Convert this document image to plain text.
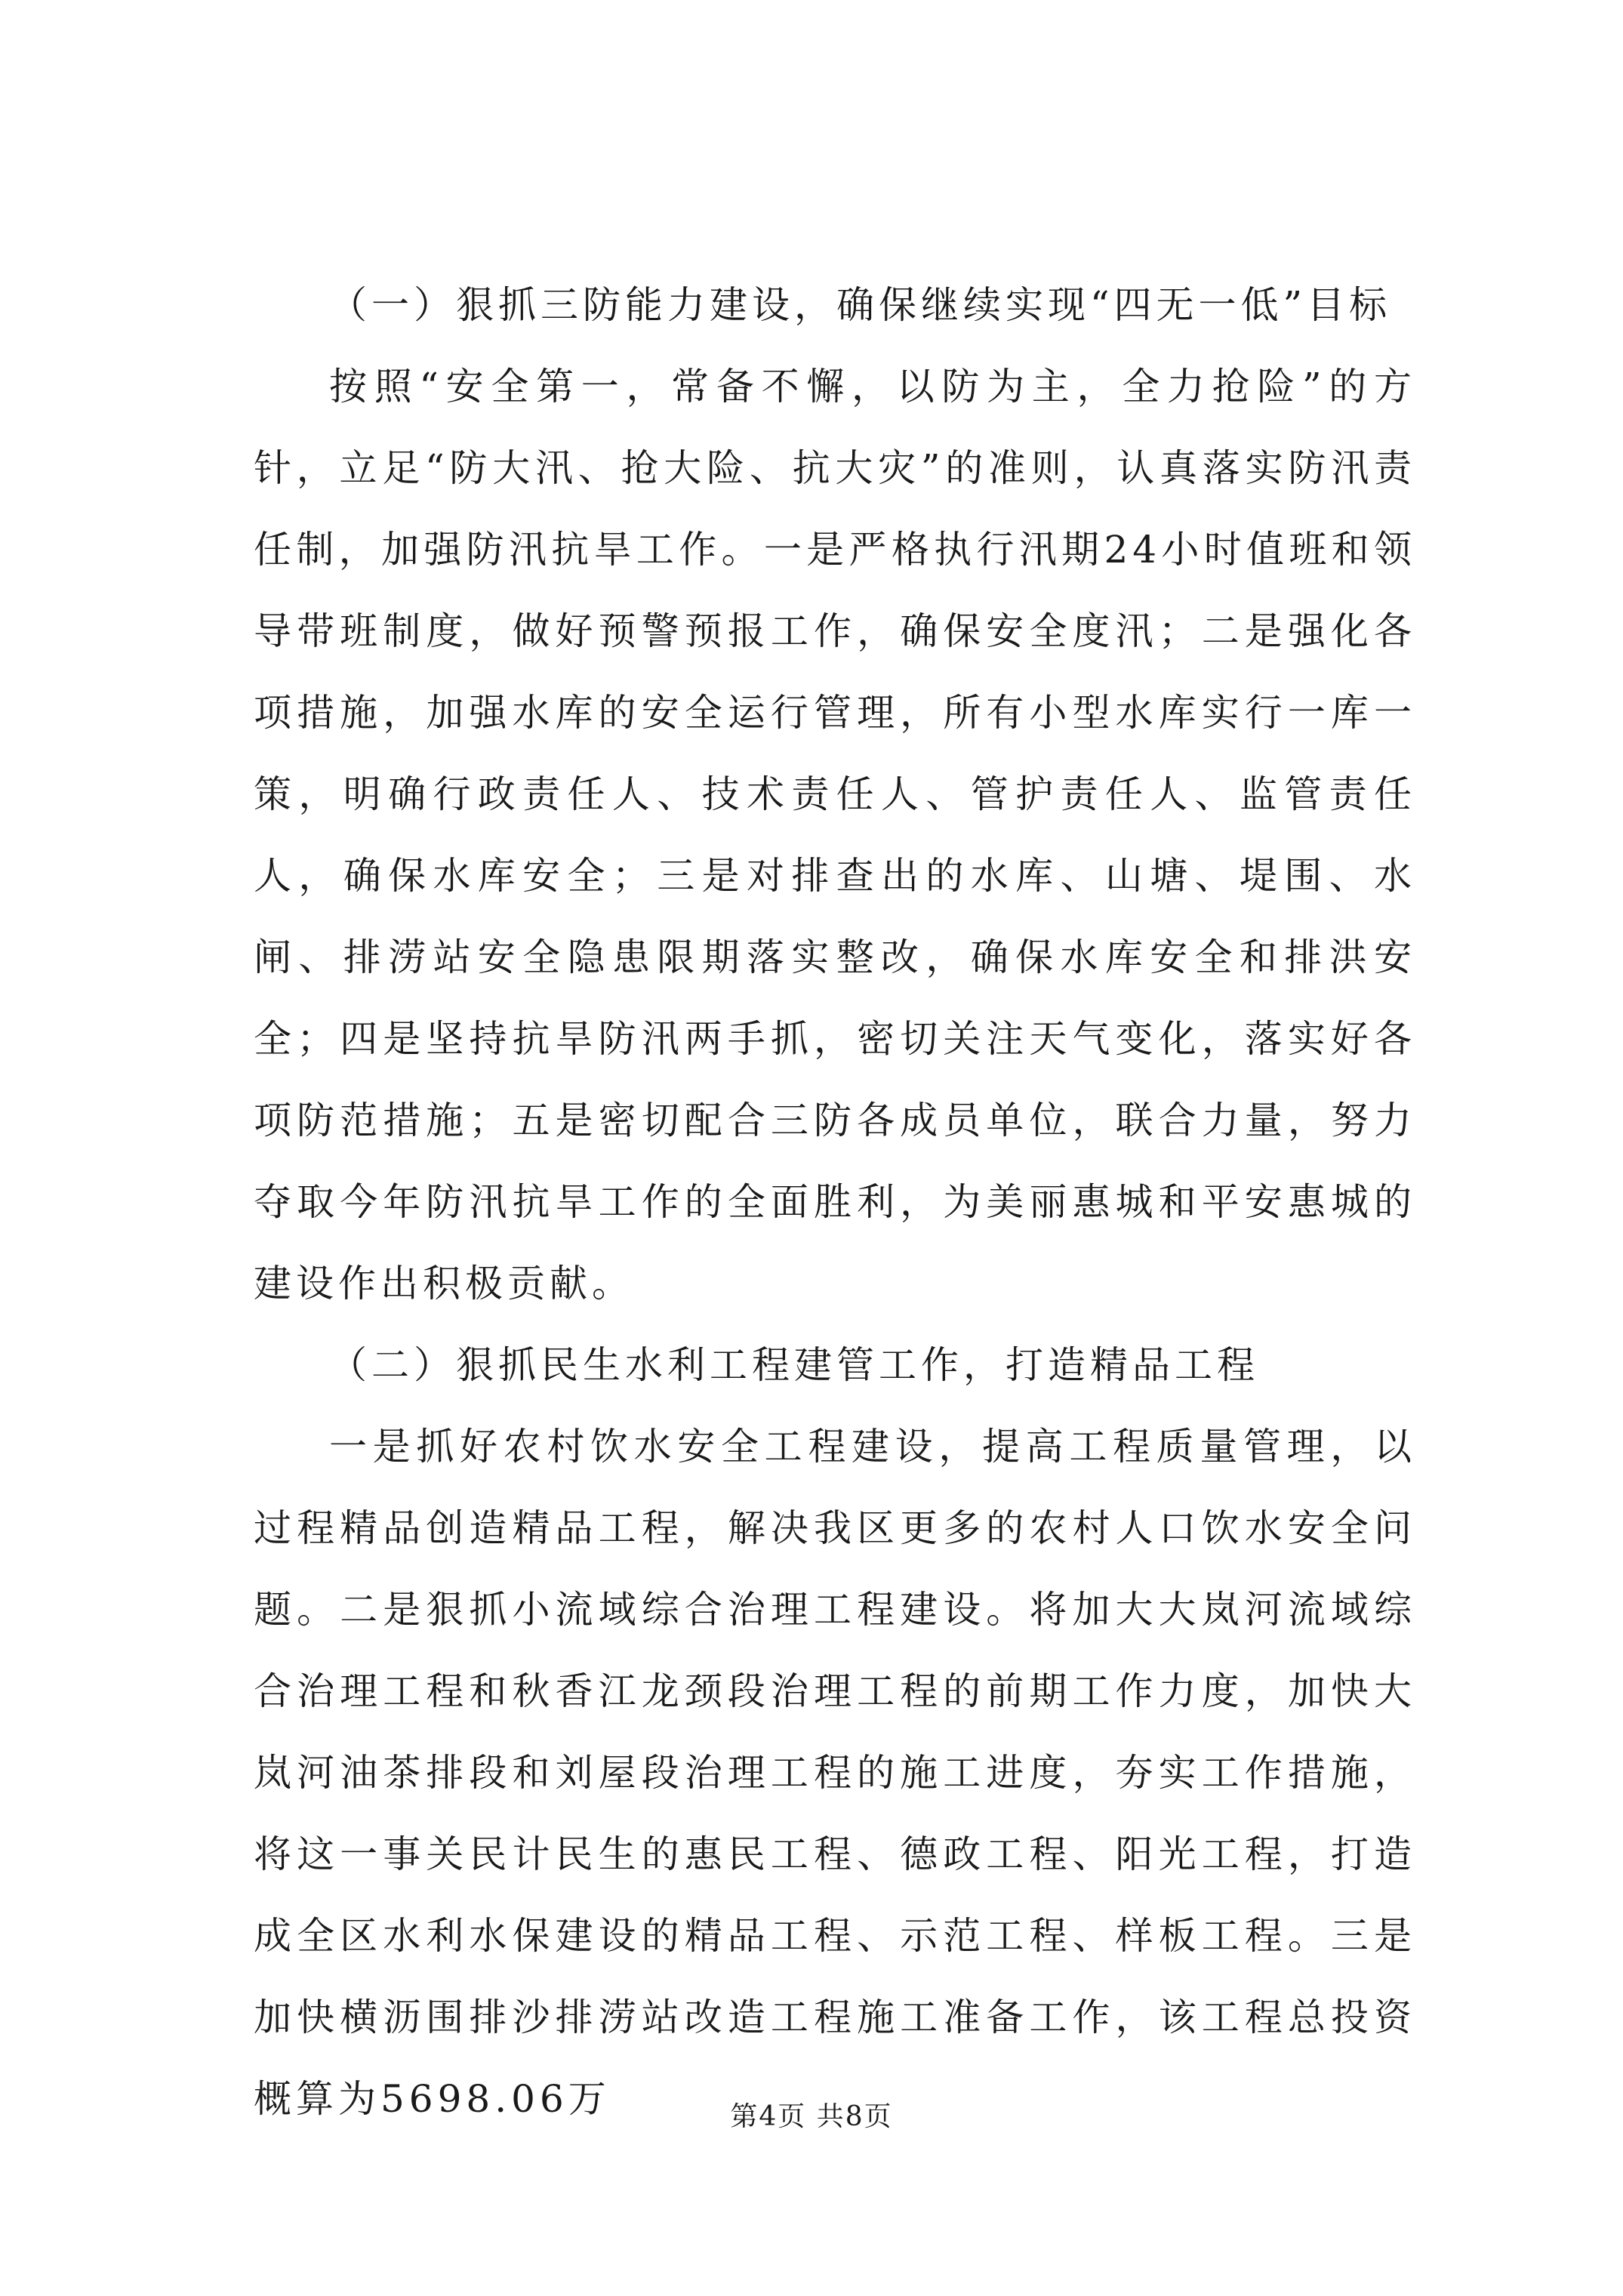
（一）狠抓三防能力建设，确保继续实现“四无一低”目标

按照“安全第一，常备不懈，以防为主，全力抢险”的方针，立足“防大汛、抢大险、抗大灾”的准则，认真落实防汛责任制，加强防汛抗旱工作。一是严格执行汛期24小时值班和领导带班制度，做好预警预报工作，确保安全度汛；二是强化各项措施，加强水库的安全运行管理，所有小型水库实行一库一策，明确行政责任人、技术责任人、管护责任人、监管责任人，确保水库安全；三是对排查出的水库、山塘、堤围、水闸、排涝站安全隐患限期落实整改，确保水库安全和排洪安全；四是坚持抗旱防汛两手抓，密切关注天气变化，落实好各项防范措施；五是密切配合三防各成员单位，联合力量，努力夺取今年防汛抗旱工作的全面胜利，为美丽惠城和平安惠城的建设作出积极贡献。

（二）狠抓民生水利工程建管工作，打造精品工程

一是抓好农村饮水安全工程建设，提高工程质量管理，以过程精品创造精品工程，解决我区更多的农村人口饮水安全问题。二是狠抓小流域综合治理工程建设。将加大大岚河流域综合治理工程和秋香江龙颈段治理工程的前期工作力度，加快大岚河油茶排段和刘屋段治理工程的施工进度，夯实工作措施，将这一事关民计民生的惠民工程、德政工程、阳光工程，打造成全区水利水保建设的精品工程、示范工程、样板工程。三是加快横沥围排沙排涝站改造工程施工准备工作，该工程总投资概算为5698.06万	第4页 共8页
